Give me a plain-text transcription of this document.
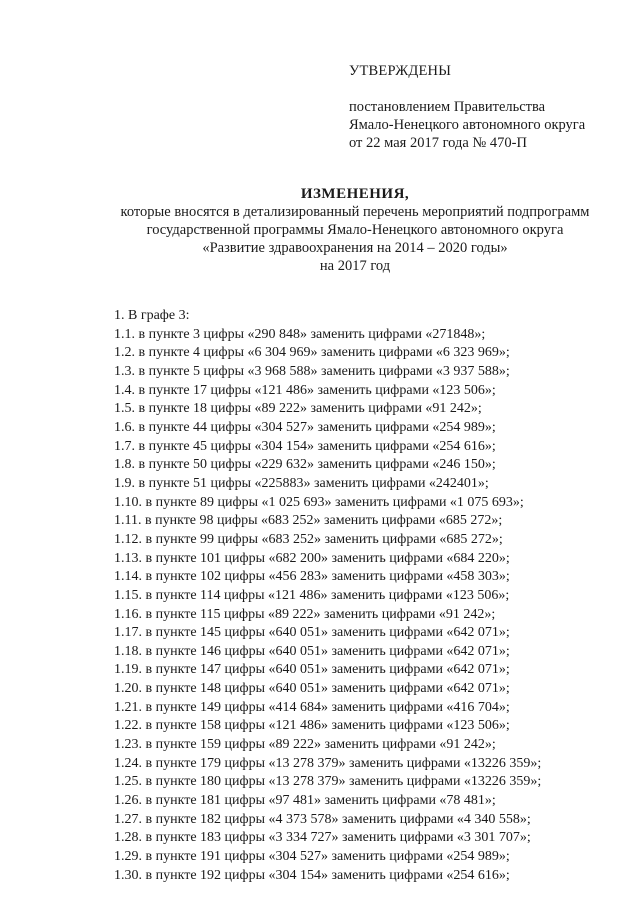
УТВЕРЖДЕНЫ
постановлением Правительства
Ямало-Ненецкого автономного округа
от 22 мая 2017 года № 470-П
ИЗМЕНЕНИЯ,
которые вносятся в детализированный перечень мероприятий подпрограмм
государственной программы Ямало-Ненецкого автономного округа
«Развитие здравоохранения на 2014 – 2020 годы»
на 2017 год
1. В графе 3:
1.1. в пункте 3 цифры «290 848» заменить цифрами «271848»;
1.2. в пункте 4 цифры «6 304 969» заменить цифрами «6 323 969»;
1.3. в пункте 5 цифры «3 968 588» заменить цифрами «3 937 588»;
1.4. в пункте 17 цифры «121 486» заменить цифрами «123 506»;
1.5. в пункте 18 цифры «89 222» заменить цифрами «91 242»;
1.6. в пункте 44 цифры «304 527» заменить цифрами «254 989»;
1.7. в пункте 45 цифры «304 154» заменить цифрами «254 616»;
1.8. в пункте 50 цифры «229 632» заменить цифрами «246 150»;
1.9. в пункте 51 цифры «225883» заменить цифрами «242401»;
1.10. в пункте 89 цифры «1 025 693» заменить цифрами «1 075 693»;
1.11. в пункте 98 цифры «683 252» заменить цифрами «685 272»;
1.12. в пункте 99 цифры «683 252» заменить цифрами «685 272»;
1.13. в пункте 101 цифры «682 200» заменить цифрами «684 220»;
1.14. в пункте 102 цифры «456 283» заменить цифрами «458 303»;
1.15. в пункте 114 цифры «121 486» заменить цифрами «123 506»;
1.16. в пункте 115 цифры «89 222» заменить цифрами «91 242»;
1.17. в пункте 145 цифры «640 051» заменить цифрами «642 071»;
1.18. в пункте 146 цифры «640 051» заменить цифрами «642 071»;
1.19. в пункте 147 цифры «640 051» заменить цифрами «642 071»;
1.20. в пункте 148 цифры «640 051» заменить цифрами «642 071»;
1.21. в пункте 149 цифры «414 684» заменить цифрами «416 704»;
1.22. в пункте 158 цифры «121 486» заменить цифрами «123 506»;
1.23. в пункте 159 цифры «89 222» заменить цифрами «91 242»;
1.24. в пункте 179 цифры «13 278 379» заменить цифрами «13226 359»;
1.25. в пункте 180 цифры «13 278 379» заменить цифрами «13226 359»;
1.26. в пункте 181 цифры «97 481» заменить цифрами «78 481»;
1.27. в пункте 182 цифры «4 373 578» заменить цифрами «4 340 558»;
1.28. в пункте 183 цифры «3 334 727» заменить цифрами «3 301 707»;
1.29. в пункте 191 цифры «304 527» заменить цифрами «254 989»;
1.30. в пункте 192 цифры «304 154» заменить цифрами «254 616»;
